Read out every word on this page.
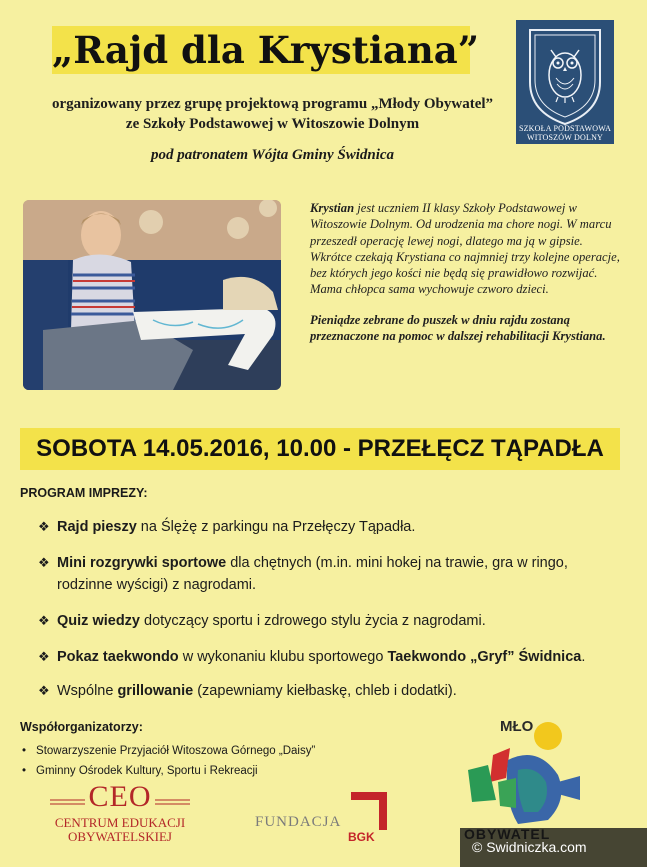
„Rajd dla Krystiana”
organizowany przez grupę projektową programu „Młody Obywatel”
ze Szkoły Podstawowej w Witoszowie Dolnym
pod patronatem Wójta Gminy Świdnica
SZKOŁA PODSTAWOWA
WITOSZÓW DOLNY

Krystian jest uczniem II klasy Szkoły Podstawowej w Witoszowie Dolnym. Od urodzenia ma chore nogi. W marcu przeszedł operację lewej nogi, dlatego ma ją w gipsie. Wkrótce czekają Krystiana co najmniej trzy kolejne operacje, bez których jego kości nie będą się prawidłowo rozwijać. Mama chłopca sama wychowuje czworo dzieci.

Pieniądze zebrane do puszek w dniu rajdu zostaną przeznaczone na pomoc w dalszej rehabilitacji Krystiana.

SOBOTA 14.05.2016, 10.00 - PRZEŁĘCZ TĄPADŁA
PROGRAM IMPREZY:
❖ Rajd pieszy na Ślężę z parkingu na Przełęczy Tąpadła.
❖ Mini rozgrywki sportowe dla chętnych (m.in. mini hokej na trawie, gra w ringo,
rodzinne wyścigi) z nagrodami.
❖ Quiz wiedzy dotyczący sportu i zdrowego stylu życia z nagrodami.
❖ Pokaz taekwondo w wykonaniu klubu sportowego Taekwondo „Gryf” Świdnica.
❖ Wspólne grillowanie (zapewniamy kiełbaskę, chleb i dodatki).
Współorganizatorzy:
• Stowarzyszenie Przyjaciół Witoszowa Górnego „Daisy”
• Gminny Ośrodek Kultury, Sportu i Rekreacji
CEO
CENTRUM EDUKACJI
OBYWATELSKIEJ
FUNDACJA
BGK
MŁO
© Swidniczka.com
